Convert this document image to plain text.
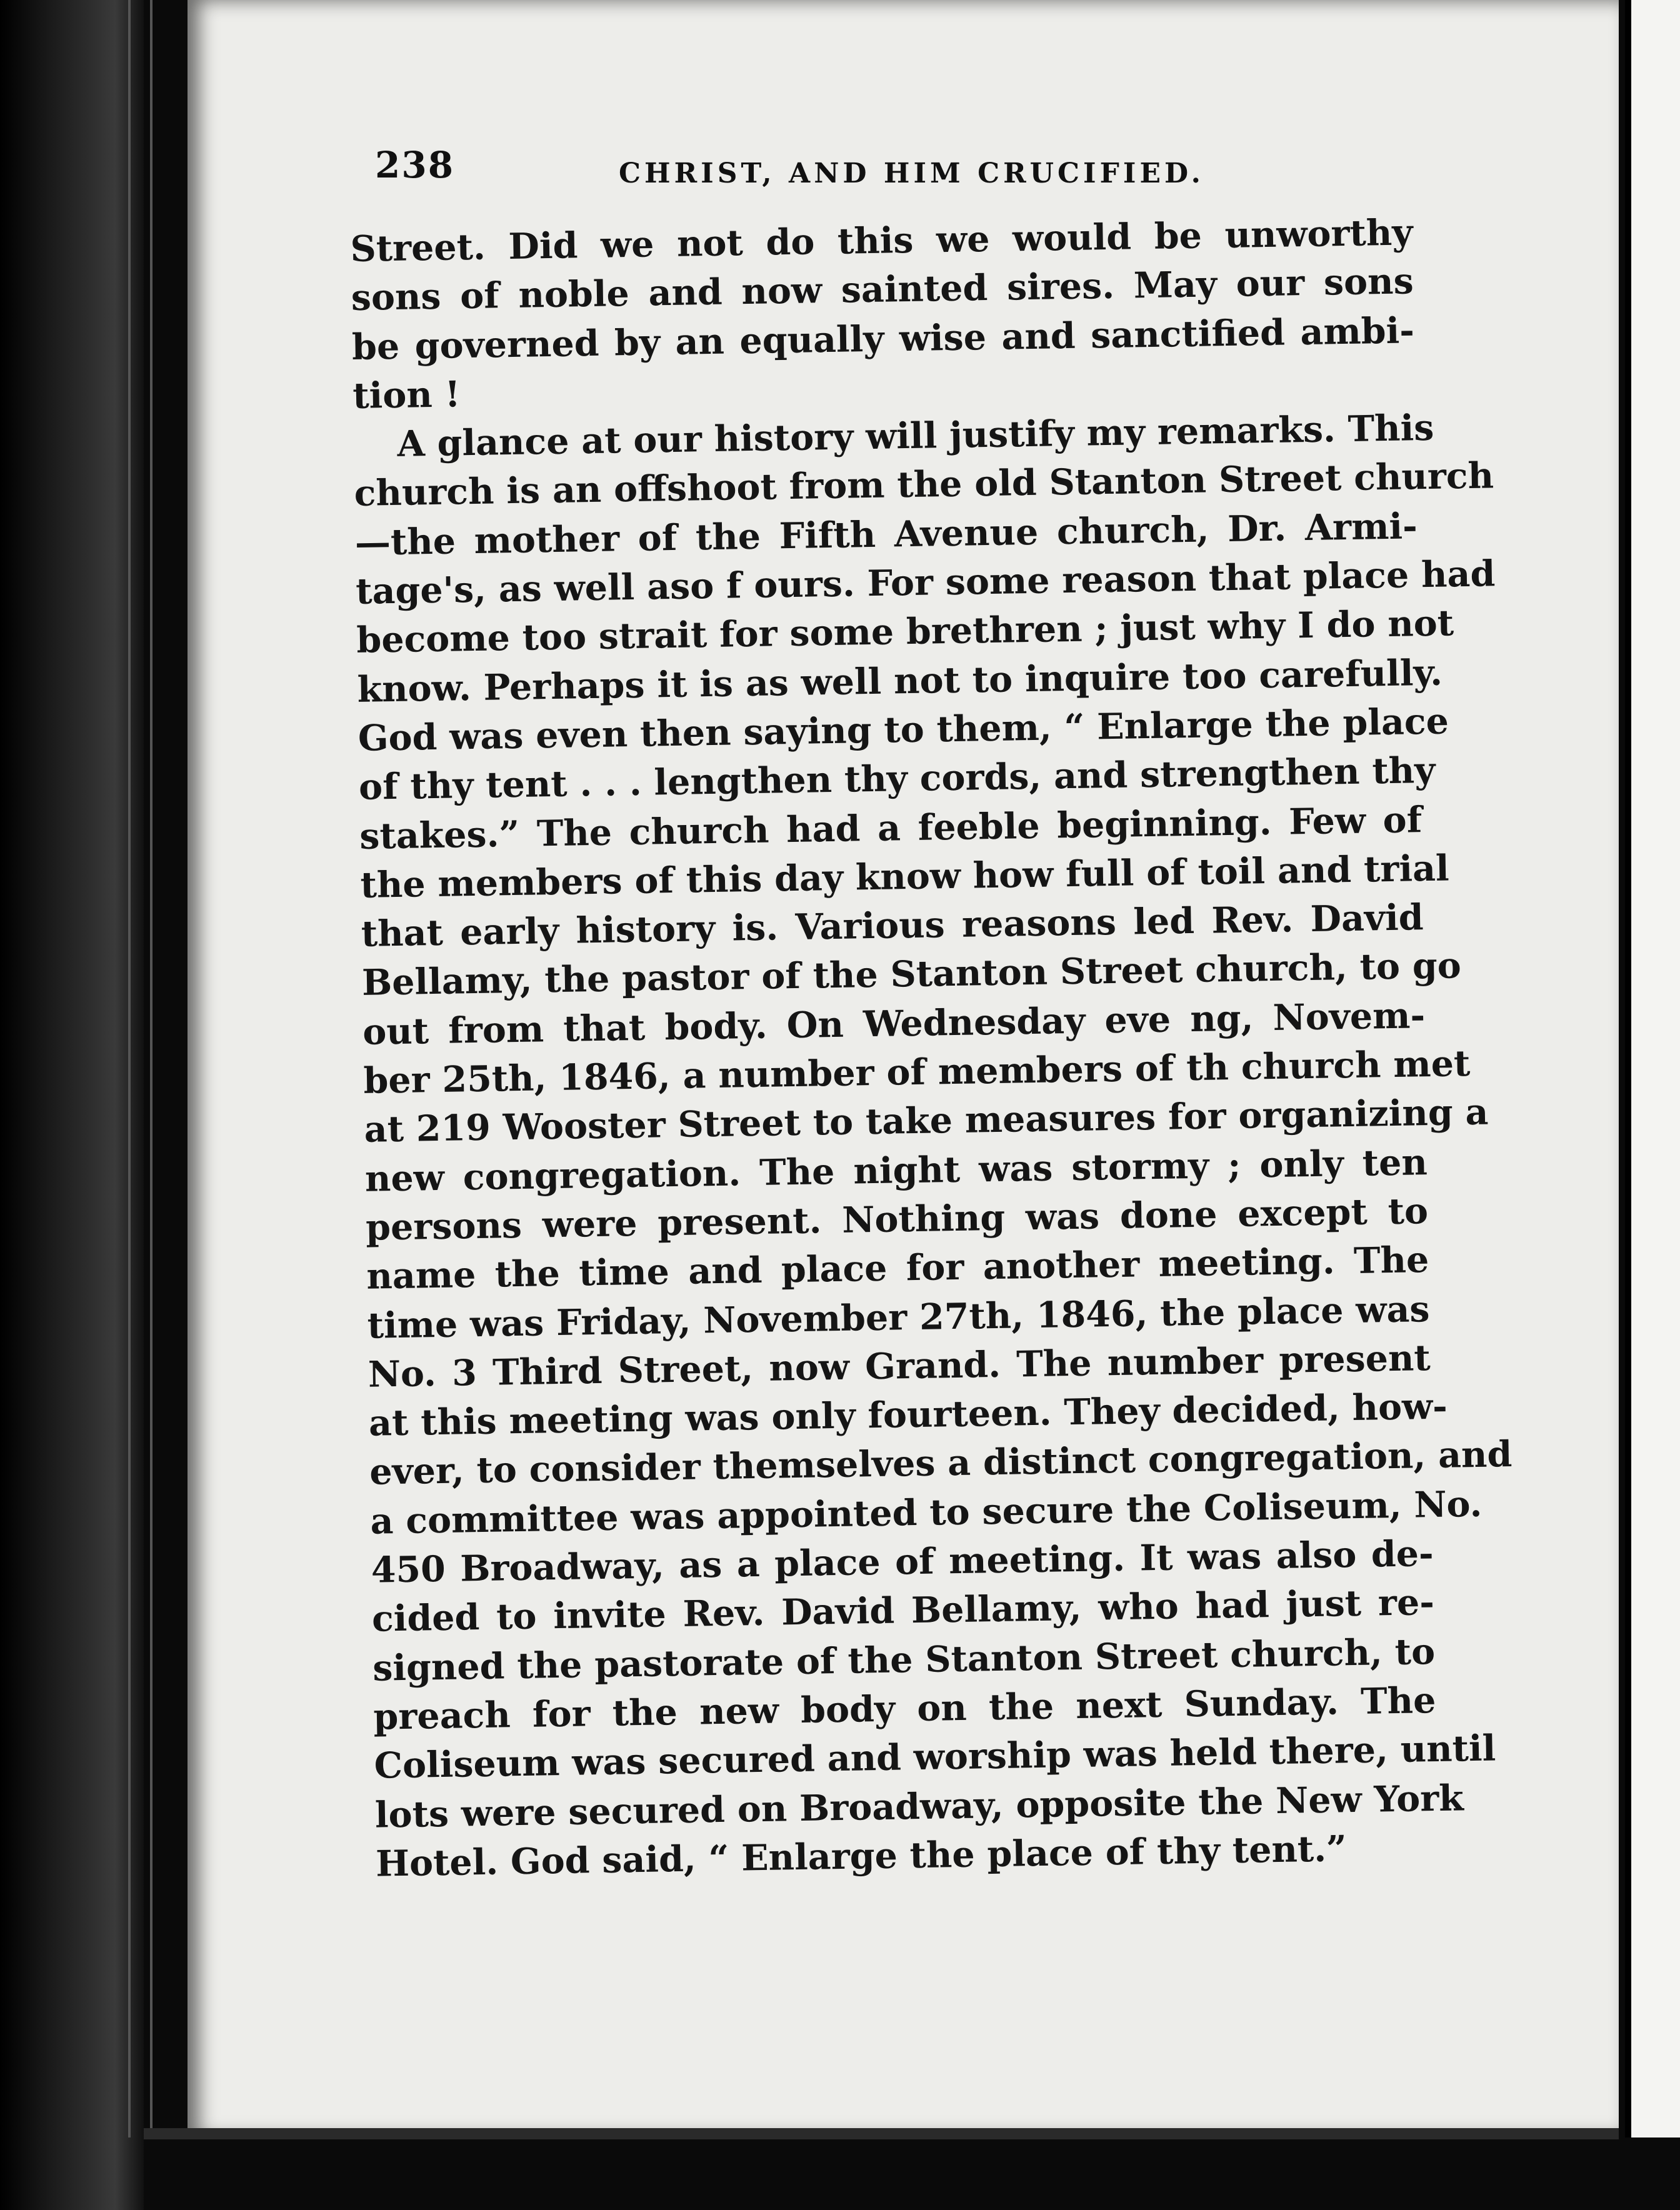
238	CHRIST, AND HIM CRUCIFIED.
Street. Did we not do this we would be unworthy
sons of noble and now sainted sires. May our sons
be governed by an equally wise and sanctified ambi-
tion !
A glance at our history will justify my remarks. This
church is an offshoot from the old Stanton Street church
—the mother of the Fifth Avenue church, Dr. Armi-
tage's, as well aso f ours. For some reason that place had
become too strait for some brethren ; just why I do not
know. Perhaps it is as well not to inquire too carefully.
God was even then saying to them, “ Enlarge the place
of thy tent . . . lengthen thy cords, and strengthen thy
stakes.” The church had a feeble beginning. Few of
the members of this day know how full of toil and trial
that early history is. Various reasons led Rev. David
Bellamy, the pastor of the Stanton Street church, to go
out from that body. On Wednesday eve ng, Novem-
ber 25th, 1846, a number of members of th church met
at 219 Wooster Street to take measures for organizing a
new congregation. The night was stormy ; only ten
persons were present. Nothing was done except to
name the time and place for another meeting. The
time was Friday, November 27th, 1846, the place was
No. 3 Third Street, now Grand. The number present
at this meeting was only fourteen. They decided, how-
ever, to consider themselves a distinct congregation, and
a committee was appointed to secure the Coliseum, No.
450 Broadway, as a place of meeting. It was also de-
cided to invite Rev. David Bellamy, who had just re-
signed the pastorate of the Stanton Street church, to
preach for the new body on the next Sunday. The
Coliseum was secured and worship was held there, until
lots were secured on Broadway, opposite the New York
Hotel. God said, “ Enlarge the place of thy tent.”
